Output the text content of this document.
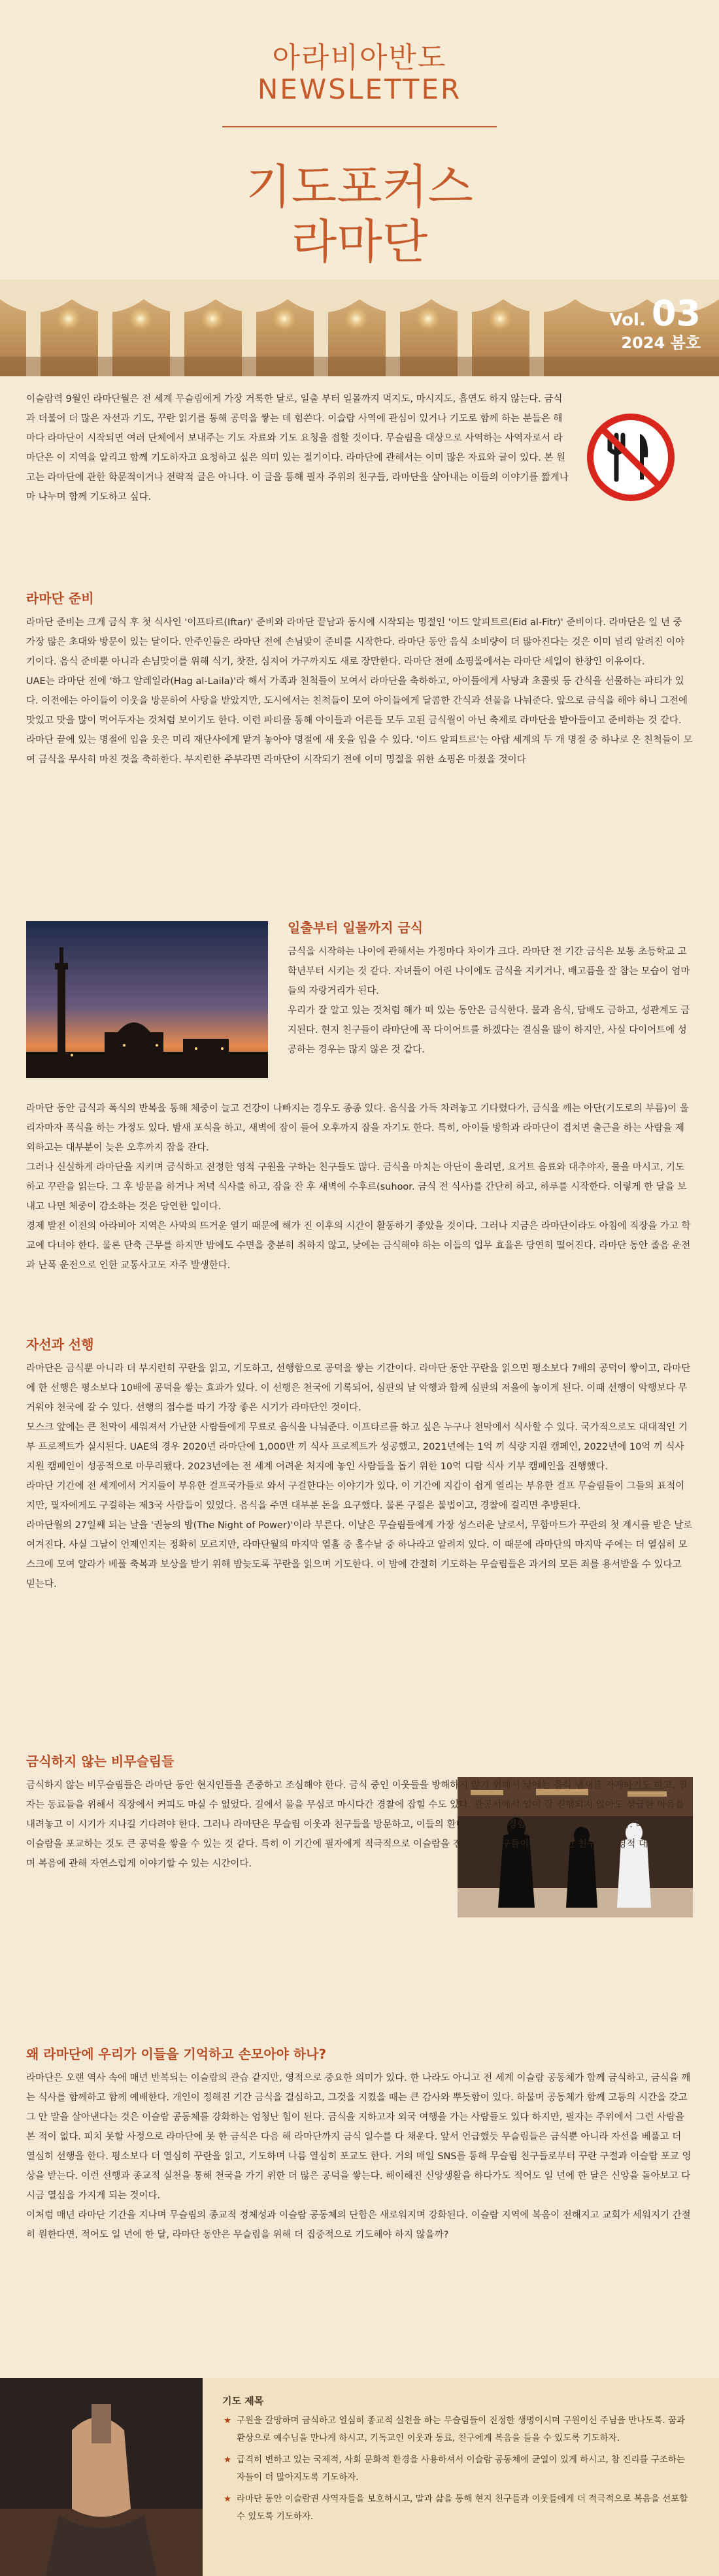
아라비아반도
NEWSLETTER
기도포커스
라마단
Vol. 03
2024 봄호

이슬람력 9월인 라마단월은 전 세계 무슬림에게 가장 거룩한 달로, 일출 부터 일몰까지 먹지도, 마시지도, 흡연도 하지 않는다. 금식과 더불어 더 많은 자선과 기도, 꾸란 읽기를 통해 공덕을 쌓는 데 힘쓴다. 이슬람 사역에 관심이 있거나 기도로 함께 하는 분들은 해마다 라마단이 시작되면 여러 단체에서 보내주는 기도 자료와 기도 요청을 접할 것이다. 무슬림을 대상으로 사역하는 사역자로서 라마단은 이 지역을 알리고 함께 기도하자고 요청하고 싶은 의미 있는 절기이다. 라마단에 관해서는 이미 많은 자료와 글이 있다. 본 원고는 라마단에 관한 학문적이거나 전략적 글은 아니다. 이 글을 통해 필자 주위의 친구들, 라마단을 살아내는 이들의 이야기를 짧게나마 나누며 함께 기도하고 싶다.

라마단 준비

라마단 준비는 크게 금식 후 첫 식사인 '이프타르(Iftar)' 준비와 라마단 끝남과 동시에 시작되는 명절인 '이드 알피트르(Eid al-Fitr)' 준비이다. 라마단은 일 년 중 가장 많은 초대와 방문이 있는 달이다. 안주인들은 라마단 전에 손님맞이 준비를 시작한다. 라마단 동안 음식 소비량이 더 많아진다는 것은 이미 널리 알려진 이야기이다. 음식 준비뿐 아니라 손님맞이를 위해 식기, 찻잔, 심지어 가구까지도 새로 장만한다. 라마단 전에 쇼핑몰에서는 라마단 세일이 한창인 이유이다.

UAE는 라마단 전에 '하그 알레일라(Hag al-Laila)'라 해서 가족과 친척들이 모여서 라마단을 축하하고, 아이들에게 사탕과 초콜릿 등 간식을 선물하는 파티가 있다. 이전에는 아이들이 이웃을 방문하여 사탕을 받았지만, 도시에서는 친척들이 모여 아이들에게 달콤한 간식과 선물을 나눠준다. 앞으로 금식을 해야 하니 그전에 맛있고 맛을 많이 먹어두자는 것처럼 보이기도 한다. 이런 파티를 통해 아이들과 어른들 모두 고된 금식월이 아닌 축제로 라마단을 받아들이고 준비하는 것 같다.

라마단 끝에 있는 명절에 입을 옷은 미리 재단사에게 맡겨 놓아야 명절에 새 옷을 입을 수 있다. '이드 알피트르'는 아랍 세계의 두 개 명절 중 하나로 온 친척들이 모여 금식을 무사히 마친 것을 축하한다. 부지런한 주부라면 라마단이 시작되기 전에 이미 명절을 위한 쇼핑은 마쳤을 것이다

일출부터 일몰까지 금식

금식을 시작하는 나이에 관해서는 가정마다 차이가 크다. 라마단 전 기간 금식은 보통 초등학교 고학년부터 시키는 것 같다. 자녀들이 어린 나이에도 금식을 지키거나, 배고픔을 잘 참는 모습이 엄마들의 자랑거리가 된다.

우리가 잘 알고 있는 것처럼 해가 떠 있는 동안은 금식한다. 물과 음식, 담배도 금하고, 성관계도 금지된다. 현지 친구들이 라마단에 꼭 다이어트를 하겠다는 결심을 많이 하지만, 사실 다이어트에 성공하는 경우는 많지 않은 것 같다.

라마단 동안 금식과 폭식의 반복을 통해 체중이 늘고 건강이 나빠지는 경우도 종종 있다. 음식을 가득 차려놓고 기다렸다가, 금식을 깨는 아단(기도로의 부름)이 울리자마자 폭식을 하는 가정도 있다. 밤새 포식을 하고, 새벽에 잠이 들어 오후까지 잠을 자기도 한다. 특히, 아이들 방학과 라마단이 겹치면 출근을 하는 사람을 제외하고는 대부분이 늦은 오후까지 잠을 잔다.

그러나 신실하게 라마단을 지키며 금식하고 진정한 영적 구원을 구하는 친구들도 많다. 금식을 마치는 아단이 울리면, 요거트 음료와 대추야자, 물을 마시고, 기도하고 꾸란을 읽는다. 그 후 방문을 하거나 저녁 식사를 하고, 잠을 잔 후 새벽에 수후르(suhoor. 금식 전 식사)를 간단히 하고, 하루를 시작한다. 이렇게 한 달을 보내고 나면 체중이 감소하는 것은 당연한 일이다.

경제 발전 이전의 아라비아 지역은 사막의 뜨거운 열기 때문에 해가 진 이후의 시간이 활동하기 좋았을 것이다. 그러나 지금은 라마단이라도 아침에 직장을 가고 학교에 다녀야 한다. 물론 단축 근무를 하지만 밤에도 수면을 충분히 취하지 않고, 낮에는 금식해야 하는 이들의 업무 효율은 당연히 떨어진다. 라마단 동안 졸음 운전과 난폭 운전으로 인한 교통사고도 자주 발생한다.

자선과 선행

라마단은 금식뿐 아니라 더 부지런히 꾸란을 읽고, 기도하고, 선행함으로 공덕을 쌓는 기간이다. 라마단 동안 꾸란을 읽으면 평소보다 7배의 공덕이 쌓이고, 라마단에 한 선행은 평소보다 10배에 공덕을 쌓는 효과가 있다. 이 선행은 천국에 기록되어, 심판의 날 악행과 함께 심판의 저울에 놓이게 된다. 이때 선행이 악행보다 무거워야 천국에 갈 수 있다. 선행의 점수를 따기 가장 좋은 시기가 라마단인 것이다.

모스크 앞에는 큰 천막이 세워져서 가난한 사람들에게 무료로 음식을 나눠준다. 이프타르를 하고 싶은 누구나 천막에서 식사할 수 있다. 국가적으로도 대대적인 기부 프로젝트가 실시된다. UAE의 경우 2020년 라마단에 1,000만 끼 식사 프로젝트가 성공했고, 2021년에는 1억 끼 식량 지원 캠페인, 2022년에 10억 끼 식사 지원 캠페인이 성공적으로 마무리됐다. 2023년에는 전 세계 어려운 처지에 놓인 사람들을 돕기 위한 10억 디람 식사 기부 캠페인을 진행했다.

라마단 기간에 전 세계에서 거지들이 부유한 걸프국가들로 와서 구걸한다는 이야기가 있다. 이 기간에 지갑이 쉽게 열리는 부유한 걸프 무슬림들이 그들의 표적이지만, 필자에게도 구걸하는 제3국 사람들이 있었다. 음식을 주면 대부분 돈을 요구했다. 물론 구걸은 불법이고, 경찰에 걸리면 추방된다.

라마단월의 27일째 되는 날을 '권능의 밤(The Night of Power)'이라 부른다. 이날은 무슬림들에게 가장 성스러운 날로서, 무함마드가 꾸란의 첫 계시를 받은 날로 여겨진다. 사실 그날이 언제인지는 정확히 모르지만, 라마단월의 마지막 열흘 중 홀수날 중 하나라고 알려져 있다. 이 때문에 라마단의 마지막 주에는 더 열심히 모스크에 모여 알라가 베풀 축복과 보상을 받기 위해 밤늦도록 꾸란을 읽으며 기도한다. 이 밤에 간절히 기도하는 무슬림들은 과거의 모든 죄를 용서받을 수 있다고 믿는다.

금식하지 않는 비무슬림들

금식하지 않는 비무슬림들은 라마단 동안 현지인들을 존중하고 조심해야 한다. 금식 중인 이웃들을 방해하지 않기 위해서 낮에는 음식 냄새를 자제하기도 하고, 필자는 동료들을 위해서 직장에서 커피도 마실 수 없었다. 길에서 물을 무심코 마시다간 경찰에 잡힐 수도 있다. 관공서에서 일이 잘 진행되지 않아도 성급한 마음을 내려놓고 이 시기가 지나길 기다려야 한다. 그러나 라마단은 무슬림 이웃과 친구들을 방문하고, 이들의 환대와 자비를 경험할 수 있는 좋은 시기이다. 라마단 동안 이슬람을 포교하는 것도 큰 공덕을 쌓을 수 있는 것 같다. 특히 이 기간에 필자에게 적극적으로 이슬람을 전도하는 친구들이 있다. 이런 친구들과 영적 대화를 나누며 복음에 관해 자연스럽게 이야기할 수 있는 시간이다.

왜 라마단에 우리가 이들을 기억하고 손모아야 하나?

라마단은 오랜 역사 속에 매년 반복되는 이슬람의 관습 같지만, 영적으로 중요한 의미가 있다. 한 나라도 아니고 전 세계 이슬람 공동체가 함께 금식하고, 금식을 깨는 식사를 함께하고 함께 예배한다. 개인이 정해진 기간 금식을 결심하고, 그것을 지켰을 때는 큰 감사와 뿌듯함이 있다. 하물며 공동체가 함께 고통의 시간을 갖고 그 안 말을 살아낸다는 것은 이슬람 공동체를 강화하는 엄청난 힘이 된다. 금식을 지하고자 외국 여행을 가는 사람들도 있다 하지만, 필자는 주위에서 그런 사람을 본 적이 없다. 피치 못할 사정으로 라마단에 못 한 금식은 다음 해 라마단까지 금식 일수를 다 채운다. 앞서 언급했듯 무슬림들은 금식뿐 아니라 자선을 베풀고 더 열심히 선행을 한다. 평소보다 더 열심히 꾸란을 읽고, 기도하며 나름 열심히 포교도 한다. 거의 매일 SNS를 통해 무슬림 친구들로부터 꾸란 구절과 이슬람 포교 영상을 받는다. 이런 선행과 종교적 실천을 통해 천국을 가기 위한 더 많은 공덕을 쌓는다. 해이해진 신앙생활을 하다가도 적어도 일 년에 한 달은 신앙을 돌아보고 다시금 열심을 가지게 되는 것이다.

이처럼 매년 라마단 기간을 지나며 무슬림의 종교적 정체성과 이슬람 공동체의 단합은 새로워지며 강화된다. 이슬람 지역에 복음이 전해지고 교회가 세워지기 간절히 원한다면, 적어도 일 년에 한 달, 라마단 동안은 무슬림을 위해 더 집중적으로 기도해야 하지 않을까?

기도 제목
★ 구원을 갈망하며 금식하고 열심히 종교적 실천을 하는 무슬림들이 진정한 생명이시며 구원이신 주님을 만나도록. 꿈과 환상으로 예수님을 만나게 하시고, 기독교인 이웃과 동료, 친구에게 복음을 들을 수 있도록 기도하자.
★ 급격히 변하고 있는 국제적, 사회 문화적 환경을 사용하셔서 이슬람 공동체에 균열이 있게 하시고, 참 진리를 구조하는 자들이 더 많아지도록 기도하자.
★ 라마단 동안 이슬람권 사역자들을 보호하시고, 말과 삶을 통해 현지 친구들과 이웃들에게 더 적극적으로 복음을 선포할 수 있도록 기도하자.
